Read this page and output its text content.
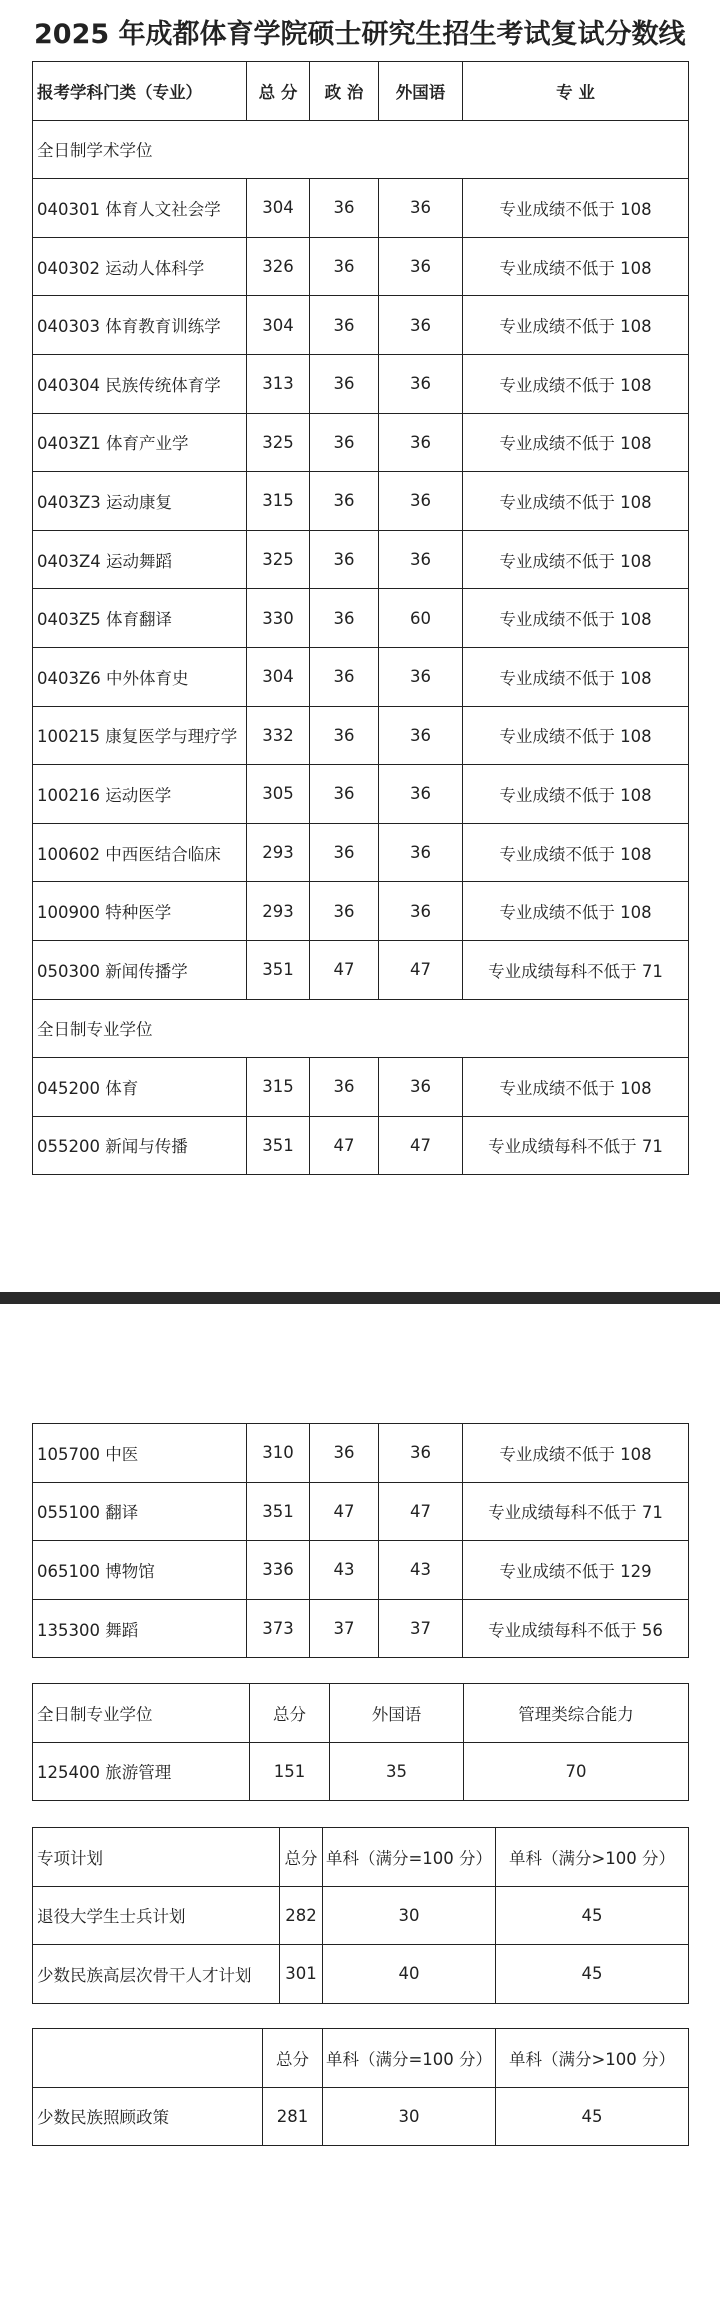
2025 年成都体育学院硕士研究生招生考试复试分数线
报考学科门类（专业）	总 分	政 治	外国语	专 业
全日制学术学位				
040301 体育人文社会学	304	36	36	专业成绩不低于 108
040302 运动人体科学	326	36	36	专业成绩不低于 108
040303 体育教育训练学	304	36	36	专业成绩不低于 108
040304 民族传统体育学	313	36	36	专业成绩不低于 108
0403Z1 体育产业学	325	36	36	专业成绩不低于 108
0403Z3 运动康复	315	36	36	专业成绩不低于 108
0403Z4 运动舞蹈	325	36	36	专业成绩不低于 108
0403Z5 体育翻译	330	36	60	专业成绩不低于 108
0403Z6 中外体育史	304	36	36	专业成绩不低于 108
100215 康复医学与理疗学	332	36	36	专业成绩不低于 108
100216 运动医学	305	36	36	专业成绩不低于 108
100602 中西医结合临床	293	36	36	专业成绩不低于 108
100900 特种医学	293	36	36	专业成绩不低于 108
050300 新闻传播学	351	47	47	专业成绩每科不低于 71
全日制专业学位				
045200 体育	315	36	36	专业成绩不低于 108
055200 新闻与传播	351	47	47	专业成绩每科不低于 71
105700 中医	310	36	36	专业成绩不低于 108
055100 翻译	351	47	47	专业成绩每科不低于 71
065100 博物馆	336	43	43	专业成绩不低于 129
135300 舞蹈	373	37	37	专业成绩每科不低于 56
全日制专业学位	总分	外国语	管理类综合能力
125400 旅游管理	151	35	70
专项计划	总分	单科（满分=100 分）	单科（满分>100 分）
退役大学生士兵计划	282	30	45
少数民族高层次骨干人才计划	301	40	45
	总分	单科（满分=100 分）	单科（满分>100 分）
少数民族照顾政策	281	30	45
